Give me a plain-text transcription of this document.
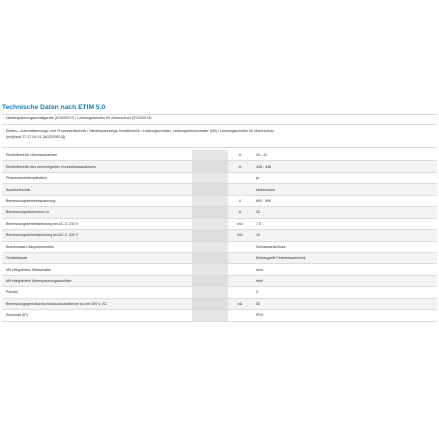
Technische Daten nach ETIM 5.0
Niederspannungsschaltgeräte (EG000017) / Leistungsschalter für Motorschutz (EC000074)
Elektro-, Automatisierungs- und Prozessleittechnik / Niederspannungs-Schalttechnik / Leistungsschalter, Leistungstrennschalter (NS) / Leistungsschalter für Motorschutz
(ecl@ss8 27-37-04-01 [AGZ529013])
Einstellbereich Überlastauslöser	A	25 - 32
Einstellbereich des unverzögerten Kurzschlussauslösers	A	448 - 448
Phasenausfallempfindlich	ja
Auslösetechnik	elektronisch
Bemessungsbetriebsspannung	V	690 - 690
Bemessungsdauerstrom Iu	A	32
Bemessungsbetriebsleistung bei AC-3, 230 V	kW	7.5
Bemessungsbetriebsleistung bei AC-3, 400 V	kW	15
Anschlussart Hauptstromkreis	Schraubanschluss
Gerätebauart	Einbaugerät Festeinbautechnik
Mit integriertem Hilfsschalter	nein
Mit integriertem Unterspannungsauslöser	nein
Polzahl	3
Bemessungsgrenzkurzschlussausschaltstrom Icu bei 400 V, AC	kA	50
Schutzart (IP)	IP20
